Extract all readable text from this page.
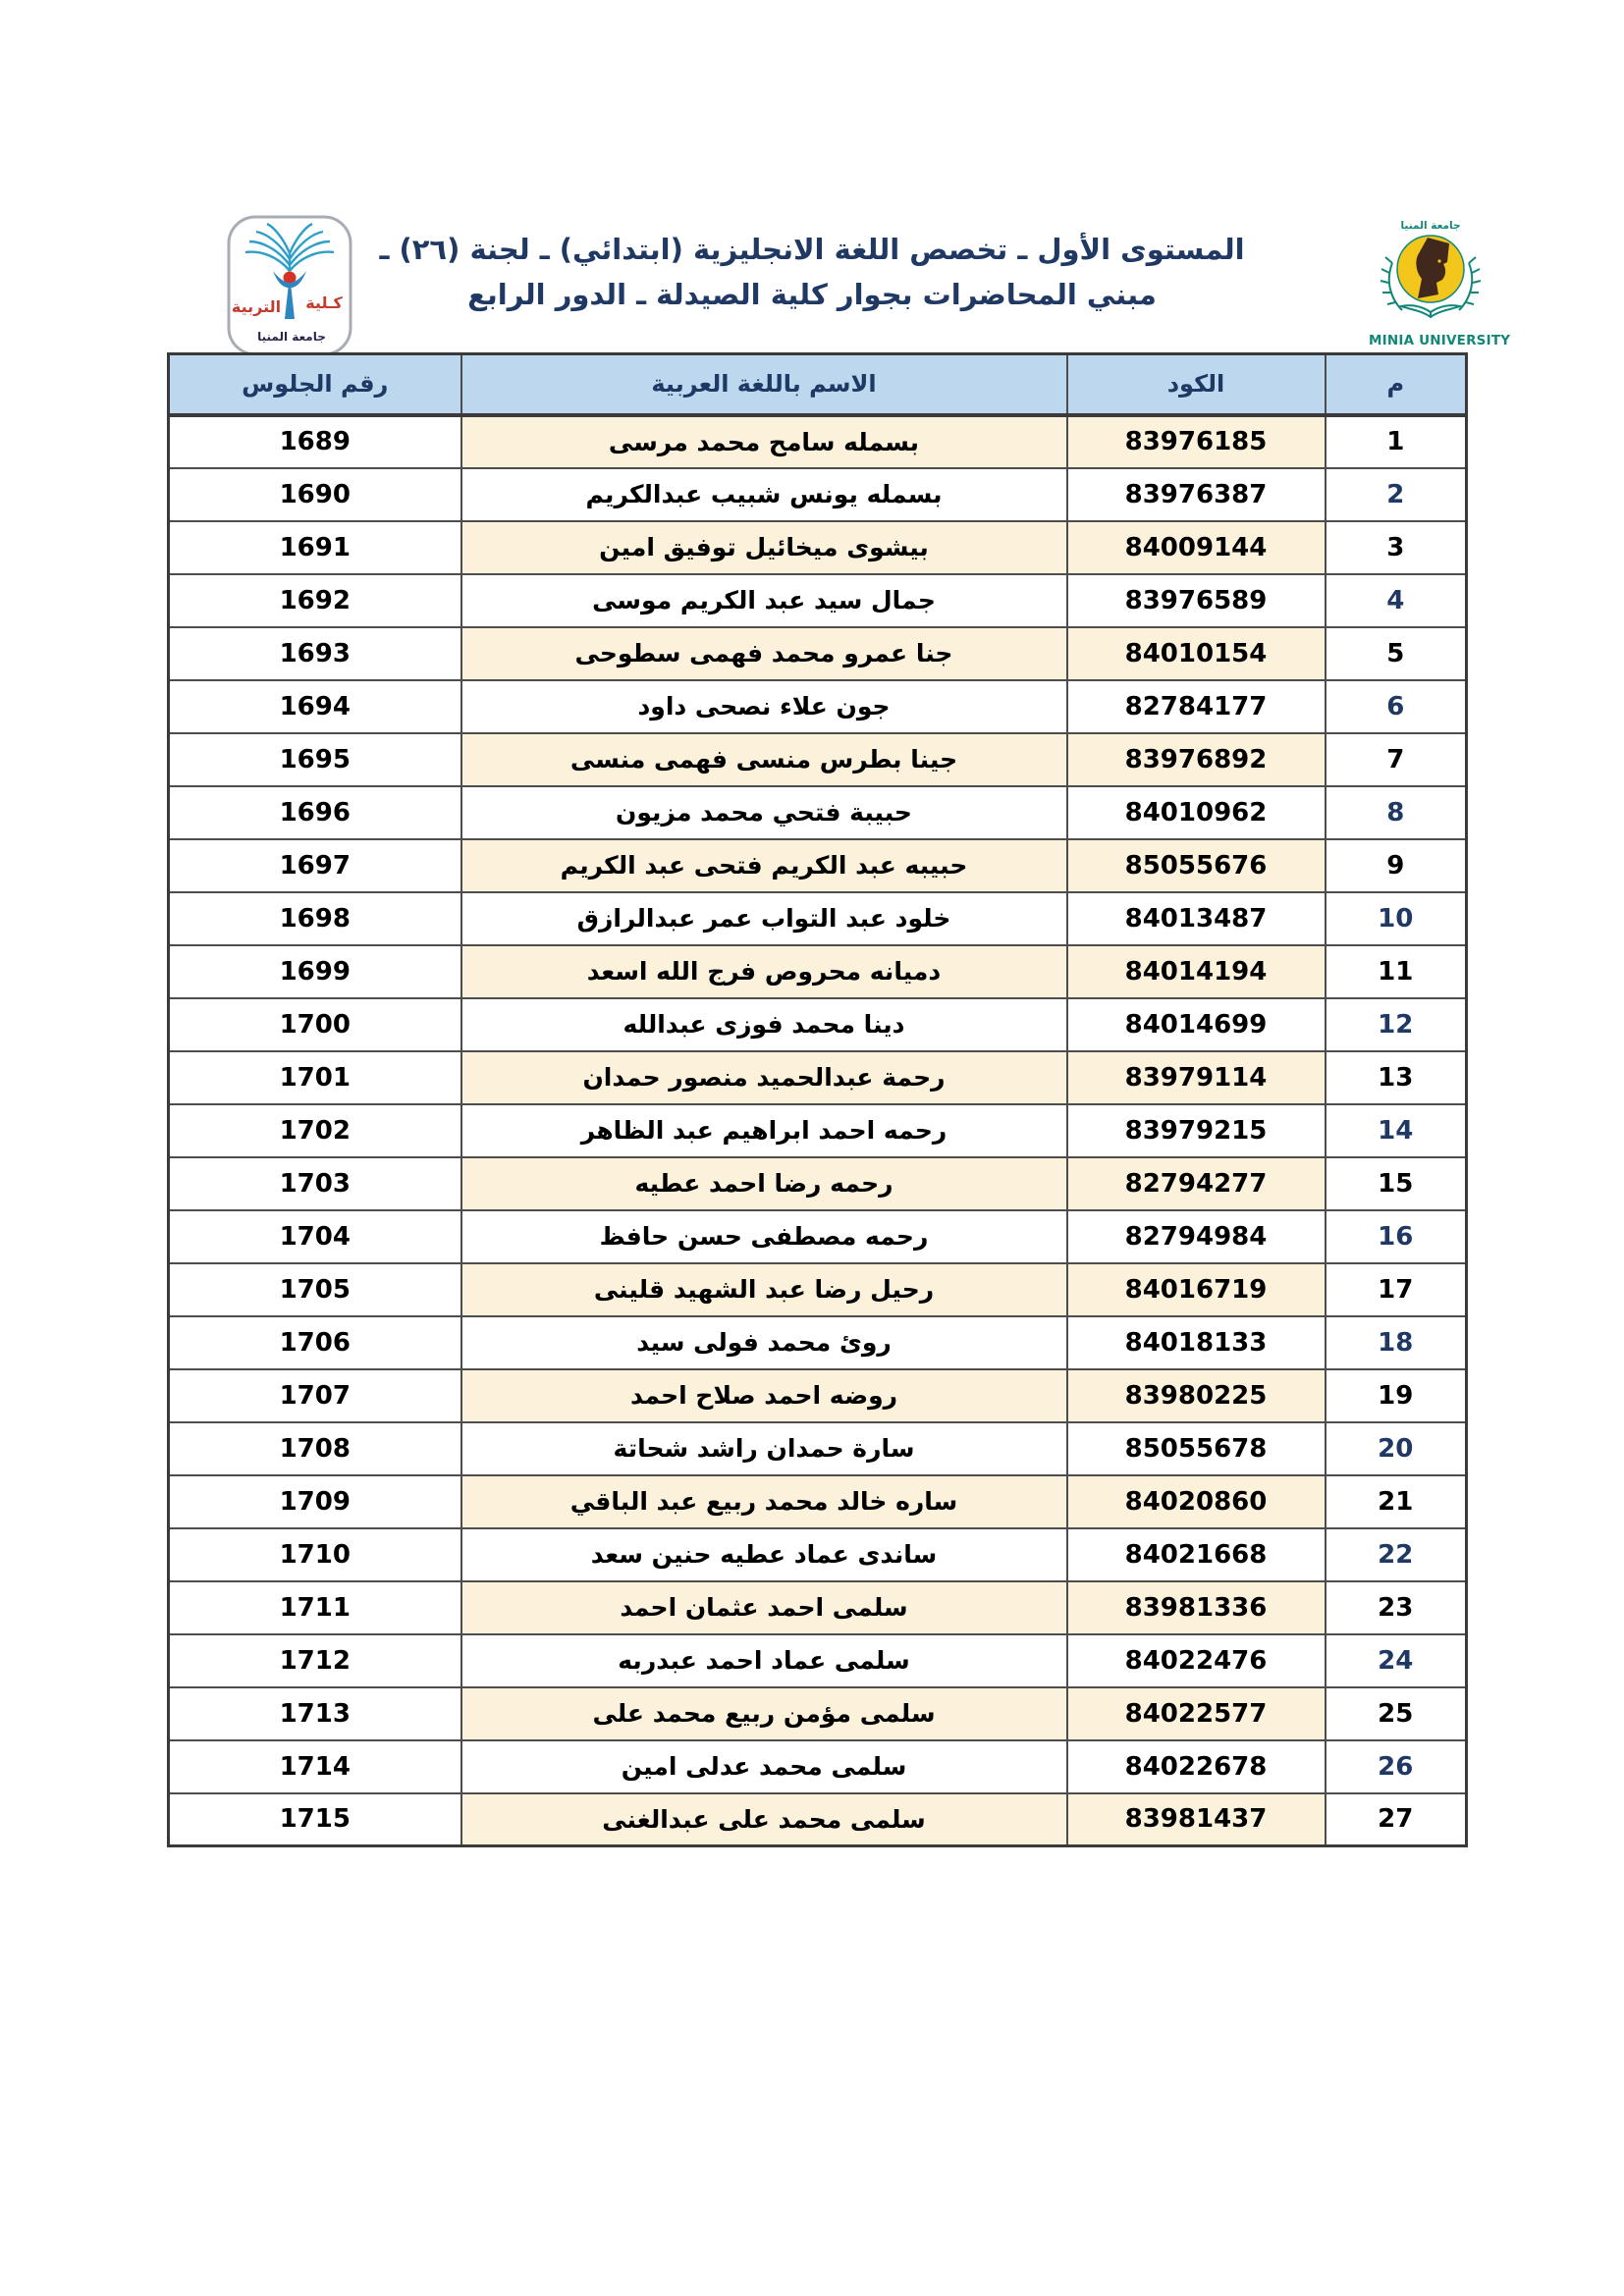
كـلية
التربية
جامعة المنيا
المستوى الأول ـ تخصص اللغة الانجليزية (ابتدائي) ـ لجنة (٢٦) ـ
مبني المحاضرات بجوار كلية الصيدلة ـ الدور الرابع
جامعة المنيا
MINIA UNIVERSITY
م	الكود	الاسم باللغة العربية	رقم الجلوس
1	83976185	بسمله سامح محمد مرسى	1689
2	83976387	بسمله يونس شبيب عبدالكريم	1690
3	84009144	بيشوى ميخائيل توفيق امين	1691
4	83976589	جمال سيد عبد الكريم موسى	1692
5	84010154	جنا عمرو محمد فهمى سطوحى	1693
6	82784177	جون علاء نصحى داود	1694
7	83976892	جينا بطرس منسى فهمى منسى	1695
8	84010962	حبيبة فتحي محمد مزيون	1696
9	85055676	حبيبه عبد الكريم فتحى عبد الكريم	1697
10	84013487	خلود عبد التواب عمر عبدالرازق	1698
11	84014194	دميانه محروص فرج الله اسعد	1699
12	84014699	دينا محمد فوزى عبدالله	1700
13	83979114	رحمة عبدالحميد منصور حمدان	1701
14	83979215	رحمه احمد ابراهيم عبد الظاهر	1702
15	82794277	رحمه رضا احمد عطيه	1703
16	82794984	رحمه مصطفى حسن حافظ	1704
17	84016719	رحيل رضا عبد الشهيد قلينى	1705
18	84018133	روئ محمد فولى سيد	1706
19	83980225	روضه احمد صلاح احمد	1707
20	85055678	سارة حمدان راشد شحاتة	1708
21	84020860	ساره خالد محمد ربيع عبد الباقي	1709
22	84021668	ساندى عماد عطيه حنين سعد	1710
23	83981336	سلمى احمد عثمان احمد	1711
24	84022476	سلمى عماد احمد عبدربه	1712
25	84022577	سلمى مؤمن ربيع محمد على	1713
26	84022678	سلمى محمد عدلى امين	1714
27	83981437	سلمى محمد على عبدالغنى	1715
